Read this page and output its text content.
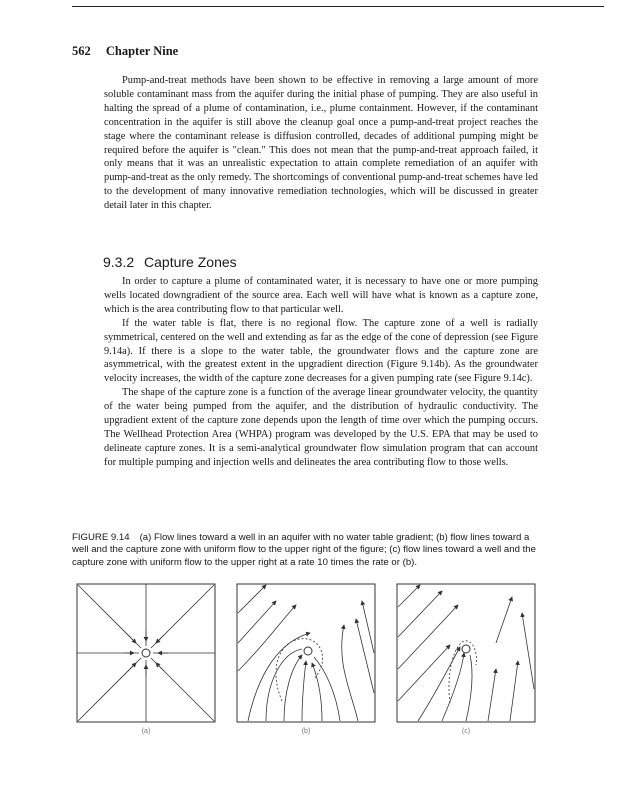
562 Chapter Nine

Pump-and-treat methods have been shown to be effective in removing a large amount of more soluble contaminant mass from the aquifer during the initial phase of pumping. They are also useful in halting the spread of a plume of contamination, i.e., plume containment. However, if the contaminant concentration in the aquifer is still above the cleanup goal once a pump-and-treat project reaches the stage where the contaminant release is diffusion controlled, decades of additional pumping might be required before the aquifer is "clean." This does not mean that the pump-and-treat approach failed, it only means that it was an unrealistic expectation to attain complete remediation of an aquifer with pump-and-treat as the only remedy. The shortcomings of conventional pump-and-treat schemes have led to the development of many innovative remediation technologies, which will be discussed in greater detail later in this chapter.

9.3.2 Capture Zones

In order to capture a plume of contaminated water, it is necessary to have one or more pumping wells located downgradient of the source area. Each well will have what is known as a capture zone, which is the area contributing flow to that particular well.

If the water table is flat, there is no regional flow. The capture zone of a well is radially symmetrical, centered on the well and extending as far as the edge of the cone of depression (see Figure 9.14a). If there is a slope to the water table, the groundwater flows and the capture zone are asymmetrical, with the greatest extent in the upgradient direction (Figure 9.14b). As the groundwater velocity increases, the width of the capture zone decreases for a given pumping rate (see Figure 9.14c).

The shape of the capture zone is a function of the average linear groundwater velocity, the quantity of the water being pumped from the aquifer, and the distribution of hydraulic conductivity. The upgradient extent of the capture zone depends upon the length of time over which the pumping occurs. The Wellhead Protection Area (WHPA) program was developed by the U.S. EPA that may be used to delineate capture zones. It is a semi-analytical groundwater flow simulation program that can account for multiple pumping and injection wells and delineates the area contributing flow to those wells.

FIGURE 9.14 (a) Flow lines toward a well in an aquifer with no water table gradient; (b) flow lines toward a well and the capture zone with uniform flow to the upper right of the figure; (c) flow lines toward a well and the capture zone with uniform flow to the upper right at a rate 10 times the rate or (b).
(a)	(b)	(c)
